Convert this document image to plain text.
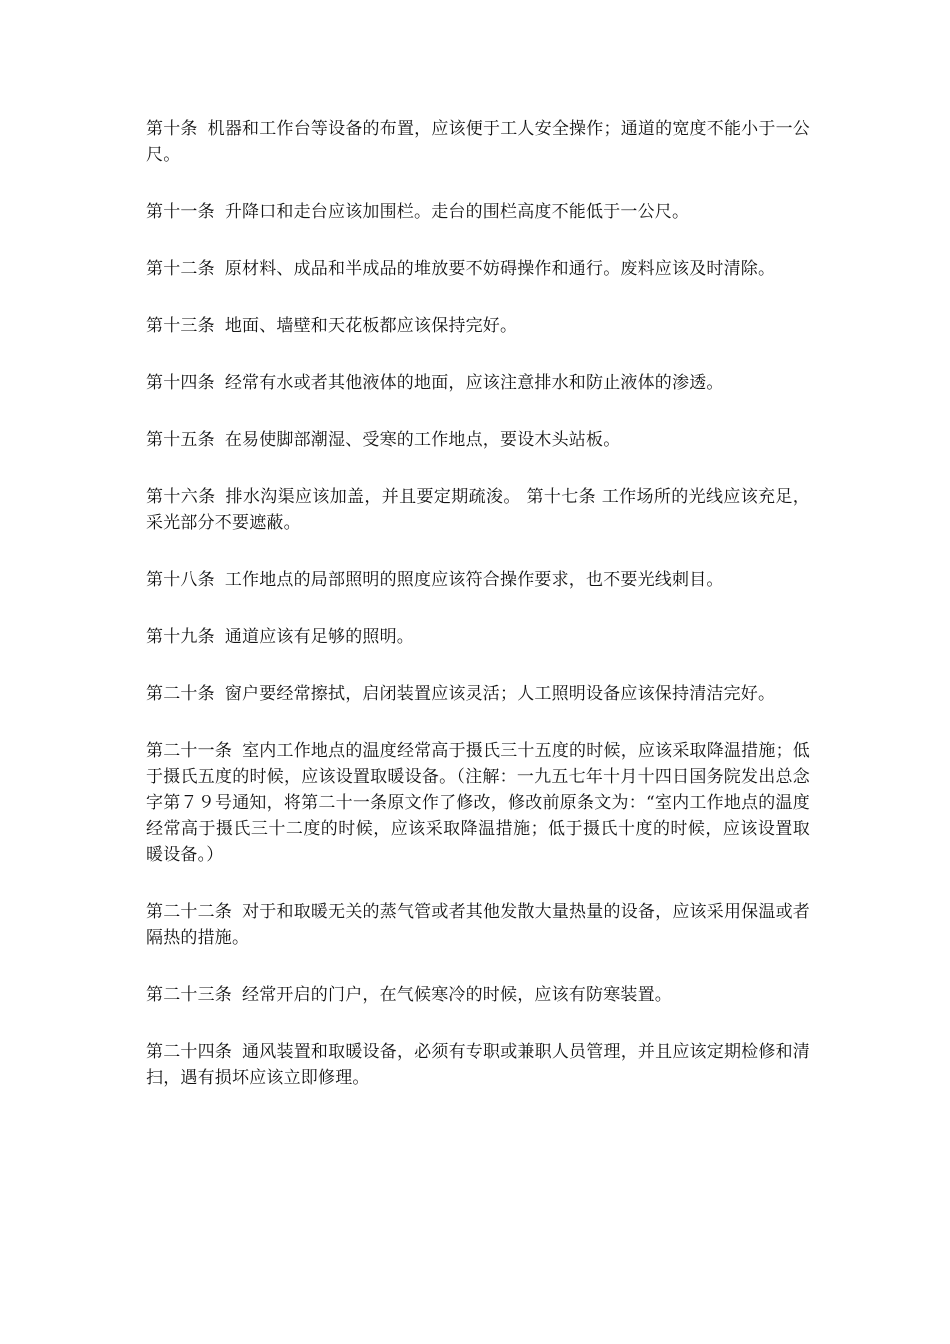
第十条 机器和工作台等设备的布置，应该便于工人安全操作；通道的宽度不能小于一公尺。

第十一条 升降口和走台应该加围栏。走台的围栏高度不能低于一公尺。

第十二条 原材料、成品和半成品的堆放要不妨碍操作和通行。废料应该及时清除。

第十三条 地面、墙壁和天花板都应该保持完好。

第十四条 经常有水或者其他液体的地面，应该注意排水和防止液体的渗透。

第十五条 在易使脚部潮湿、受寒的工作地点，要设木头站板。

第十六条 排水沟渠应该加盖，并且要定期疏浚。 第十七条 工作场所的光线应该充足，采光部分不要遮蔽。

第十八条 工作地点的局部照明的照度应该符合操作要求，也不要光线刺目。

第十九条 通道应该有足够的照明。

第二十条 窗户要经常擦拭，启闭装置应该灵活；人工照明设备应该保持清洁完好。

第二十一条 室内工作地点的温度经常高于摄氏三十五度的时候，应该采取降温措施；低于摄氏五度的时候，应该设置取暖设备。（注解：一九五七年十月十四日国务院发出总念字第７９号通知，将第二十一条原文作了修改，修改前原条文为：“室内工作地点的温度经常高于摄氏三十二度的时候，应该采取降温措施；低于摄氏十度的时候，应该设置取暖设备。）

第二十二条 对于和取暖无关的蒸气管或者其他发散大量热量的设备，应该采用保温或者隔热的措施。

第二十三条 经常开启的门户，在气候寒冷的时候，应该有防寒装置。

第二十四条 通风装置和取暖设备，必须有专职或兼职人员管理，并且应该定期检修和清扫，遇有损坏应该立即修理。
